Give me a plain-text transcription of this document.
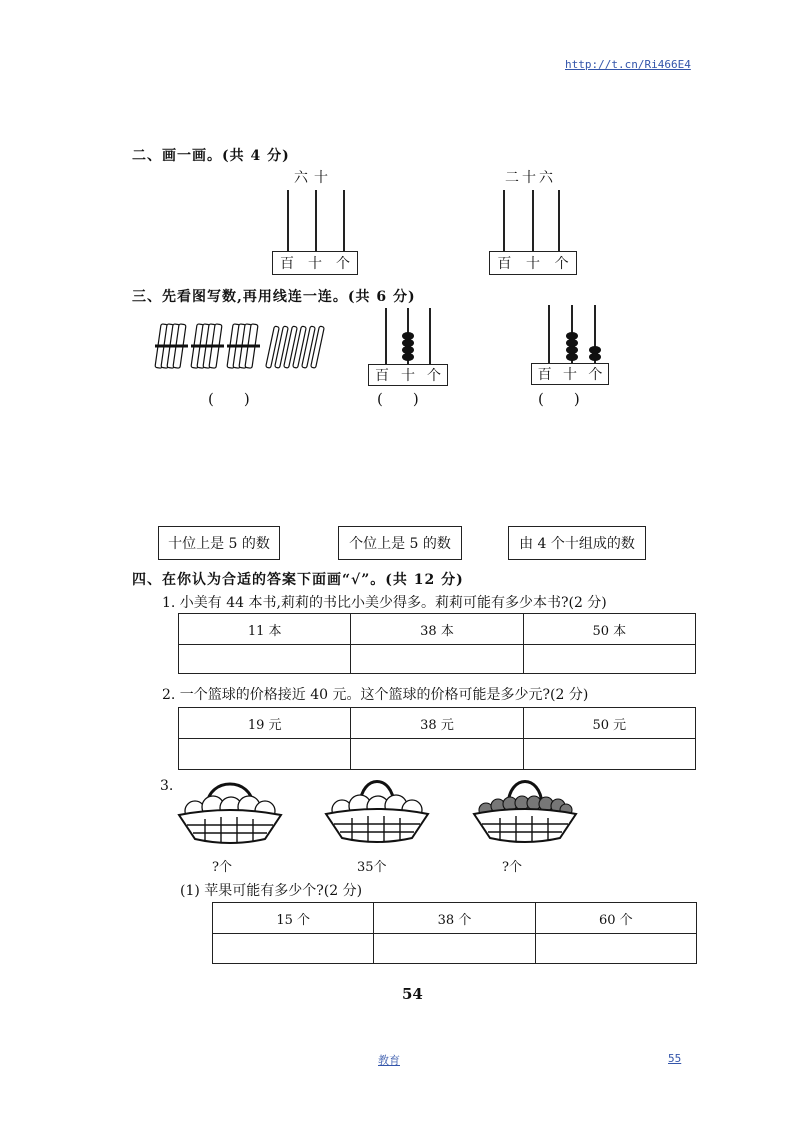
http://t.cn/Ri466E4
二、画一画。(共 4 分)
六十
百 十 个
二十六
百 十 个
三、先看图写数,再用线连一连。(共 6 分)
(　　)
百 十 个
(　　)
百 十 个
(　　)
十位上是 5 的数	个位上是 5 的数	由 4 个十组成的数
四、在你认为合适的答案下面画“√”。(共 12 分)
1. 小美有 44 本书,莉莉的书比小美少得多。莉莉可能有多少本书?(2 分)
11 本	38 本	50 本

2. 一个篮球的价格接近 40 元。这个篮球的价格可能是多少元?(2 分)
19 元	38 元	50 元

3.
?个	35个	?个
(1) 苹果可能有多少个?(2 分)
15 个	38 个	60 个

54
教育	55
